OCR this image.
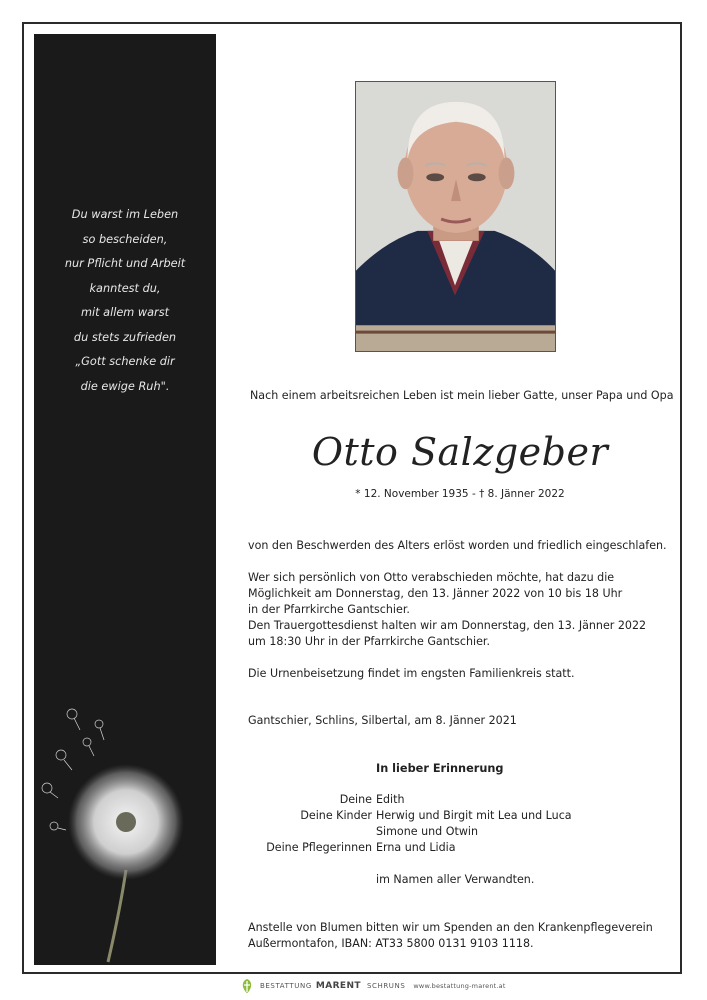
Du warst im Leben
so bescheiden,
nur Pflicht und Arbeit
kanntest du,
mit allem warst
du stets zufrieden
„Gott schenke dir
die ewige Ruh".
Nach einem arbeitsreichen Leben ist mein lieber Gatte, unser Papa und Opa
Otto Salzgeber
* 12. November 1935 - † 8. Jänner 2022
von den Beschwerden des Alters erlöst worden und friedlich eingeschlafen.
Wer sich persönlich von Otto verabschieden möchte, hat dazu die
Möglichkeit am Donnerstag, den 13. Jänner 2022 von 10 bis 18 Uhr
in der Pfarrkirche Gantschier.
Den Trauergottesdienst halten wir am Donnerstag, den 13. Jänner 2022
um 18:30 Uhr in der Pfarrkirche Gantschier.
Die Urnenbeisetzung findet im engsten Familienkreis statt.
Gantschier, Schlins, Silbertal, am 8. Jänner 2021
In lieber Erinnerung
Deine Edith
Deine Kinder Herwig und Birgit mit Lea und Luca
Simone und Otwin
Deine Pflegerinnen Erna und Lidia
im Namen aller Verwandten.
Anstelle von Blumen bitten wir um Spenden an den Krankenpflegeverein
Außermontafon, IBAN: AT33 5800 0131 9103 1118.
BESTATTUNG MARENT SCHRUNS www.bestattung-marent.at
